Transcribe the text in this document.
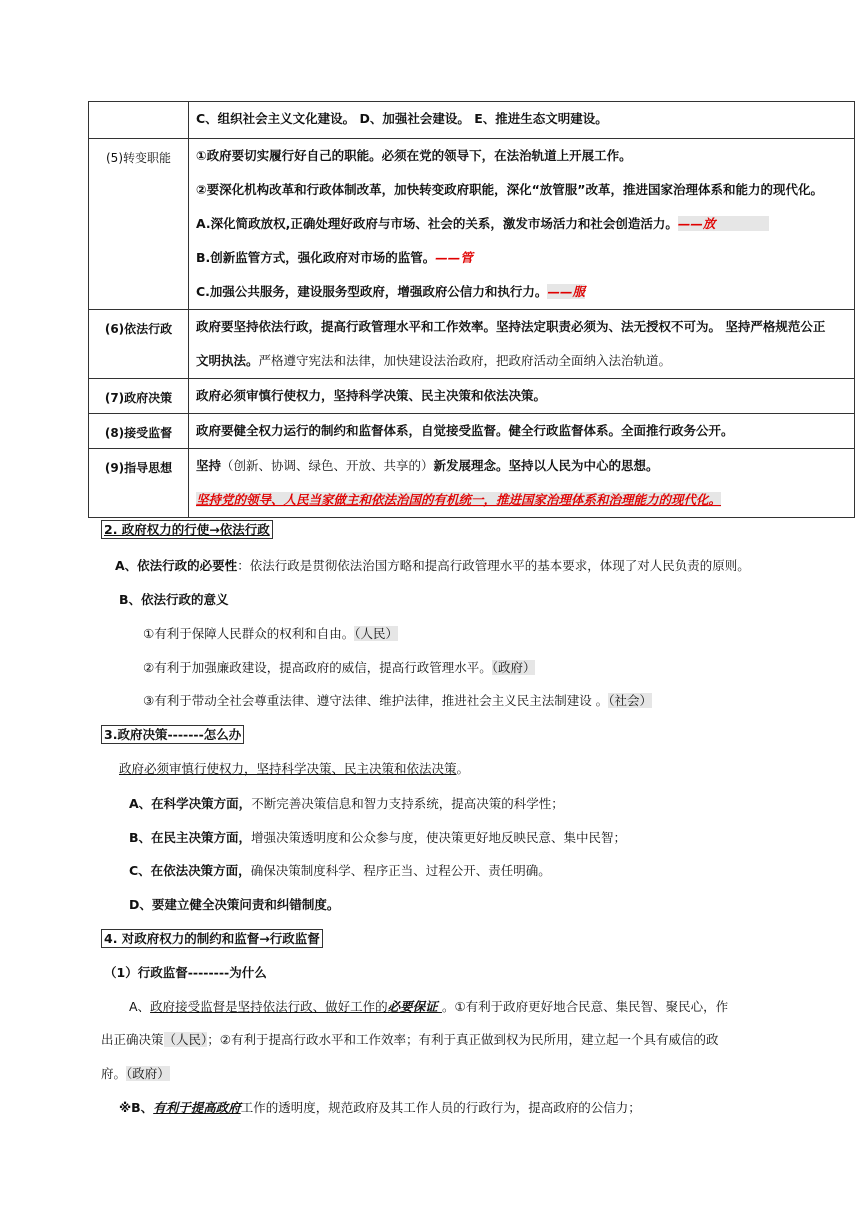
	C、组织社会主义文化建设。 D、加强社会建设。 E、推进生态文明建设。

(5)转变职能	①政府要切实履行好自己的职能。必须在党的领导下，在法治轨道上开展工作。
②要深化机构改革和行政体制改革，加快转变政府职能，深化“放管服”改革，推进国家治理体系和能力的现代化。
A.深化简政放权,正确处理好政府与市场、社会的关系，激发市场活力和社会创造活力。——放
B.创新监管方式，强化政府对市场的监管。——管
C.加强公共服务，建设服务型政府，增强政府公信力和执行力。——服

(6)依法行政	政府要坚持依法行政，提高行政管理水平和工作效率。坚持法定职责必须为、法无授权不可为。 坚持严格规范公正
文明执法。严格遵守宪法和法律，加快建设法治政府，把政府活动全面纳入法治轨道。

(7)政府决策	政府必须审慎行使权力，坚持科学决策、民主决策和依法决策。

(8)接受监督	政府要健全权力运行的制约和监督体系，自觉接受监督。健全行政监督体系。全面推行政务公开。

(9)指导思想	坚持（创新、协调、绿色、开放、共享的）新发展理念。坚持以人民为中心的思想。
坚持党的领导、人民当家做主和依法治国的有机统一，推进国家治理体系和治理能力的现代化。
2. 政府权力的行使→依法行政
A、依法行政的必要性：依法行政是贯彻依法治国方略和提高行政管理水平的基本要求，体现了对人民负责的原则。
B、依法行政的意义
①有利于保障人民群众的权利和自由。（人民）
②有利于加强廉政建设，提高政府的威信，提高行政管理水平。（政府）
③有利于带动全社会尊重法律、遵守法律、维护法律，推进社会主义民主法制建设 。（社会）
3.政府决策-------怎么办
政府必须审慎行使权力，坚持科学决策、民主决策和依法决策。
A、在科学决策方面，不断完善决策信息和智力支持系统，提高决策的科学性；
B、在民主决策方面，增强决策透明度和公众参与度，使决策更好地反映民意、集中民智；
C、在依法决策方面，确保决策制度科学、程序正当、过程公开、责任明确。
D、要建立健全决策问责和纠错制度。
4. 对政府权力的制约和监督→行政监督
（1）行政监督--------为什么
A、政府接受监督是坚持依法行政、做好工作的必要保证 。①有利于政府更好地合民意、集民智、聚民心，作
出正确决策（人民）；②有利于提高行政水平和工作效率；有利于真正做到权为民所用，建立起一个具有威信的政
府。（政府）
※B、有利于提高政府工作的透明度，规范政府及其工作人员的行政行为，提高政府的公信力；
